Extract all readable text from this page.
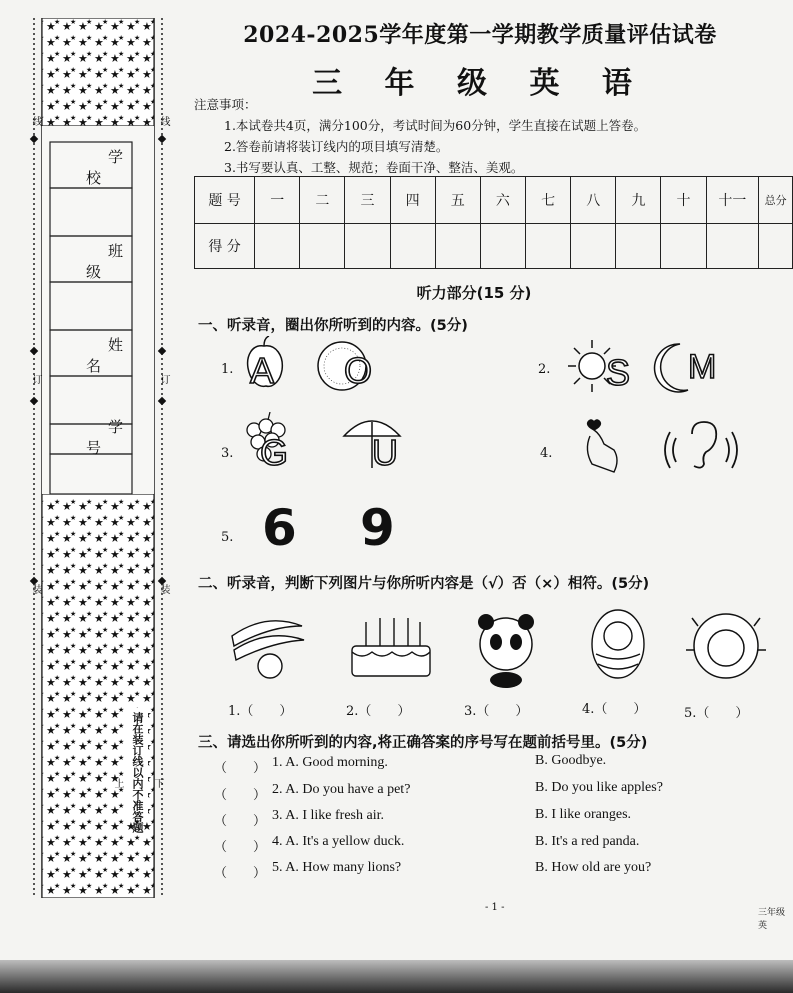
学校
班级
姓名
学号
线	线
订	订
装	装
上	下
请在装订线以内不准答题
2024-2025学年度第一学期教学质量评估试卷
三 年 级 英 语
注意事项：
1.本试卷共4页，满分100分，考试时间为60分钟，学生直接在试题上答卷。
2.答卷前请将装订线内的项目填写清楚。
3.书写要认真、工整、规范；卷面干净、整洁、美观。
题 号	一	二	三	四	五	六	七	八	九	十	十一	总分
得 分												
听力部分(15 分)
一、听录音，圈出你所听到的内容。(5分)
1. A O	2. S M
3. G U	4.
5. 6 9
二、听录音，判断下列图片与你所听内容是（√）否（×）相符。(5分)
1.（　　）	2.（　　）	3.（　　）	4.（　　）	5.（　　）
三、请选出你所听到的内容,将正确答案的序号写在题前括号里。(5分)
（　　） 1. A. Good morning.	B. Goodbye.
（　　） 2. A. Do you have a pet?	B. Do you like apples?
（　　） 3. A. I like fresh air.	B. I like oranges.
（　　） 4. A. It's a yellow duck.	B. It's a red panda.
（　　） 5. A. How many lions?	B. How old are you?
- 1 -	三年级英
